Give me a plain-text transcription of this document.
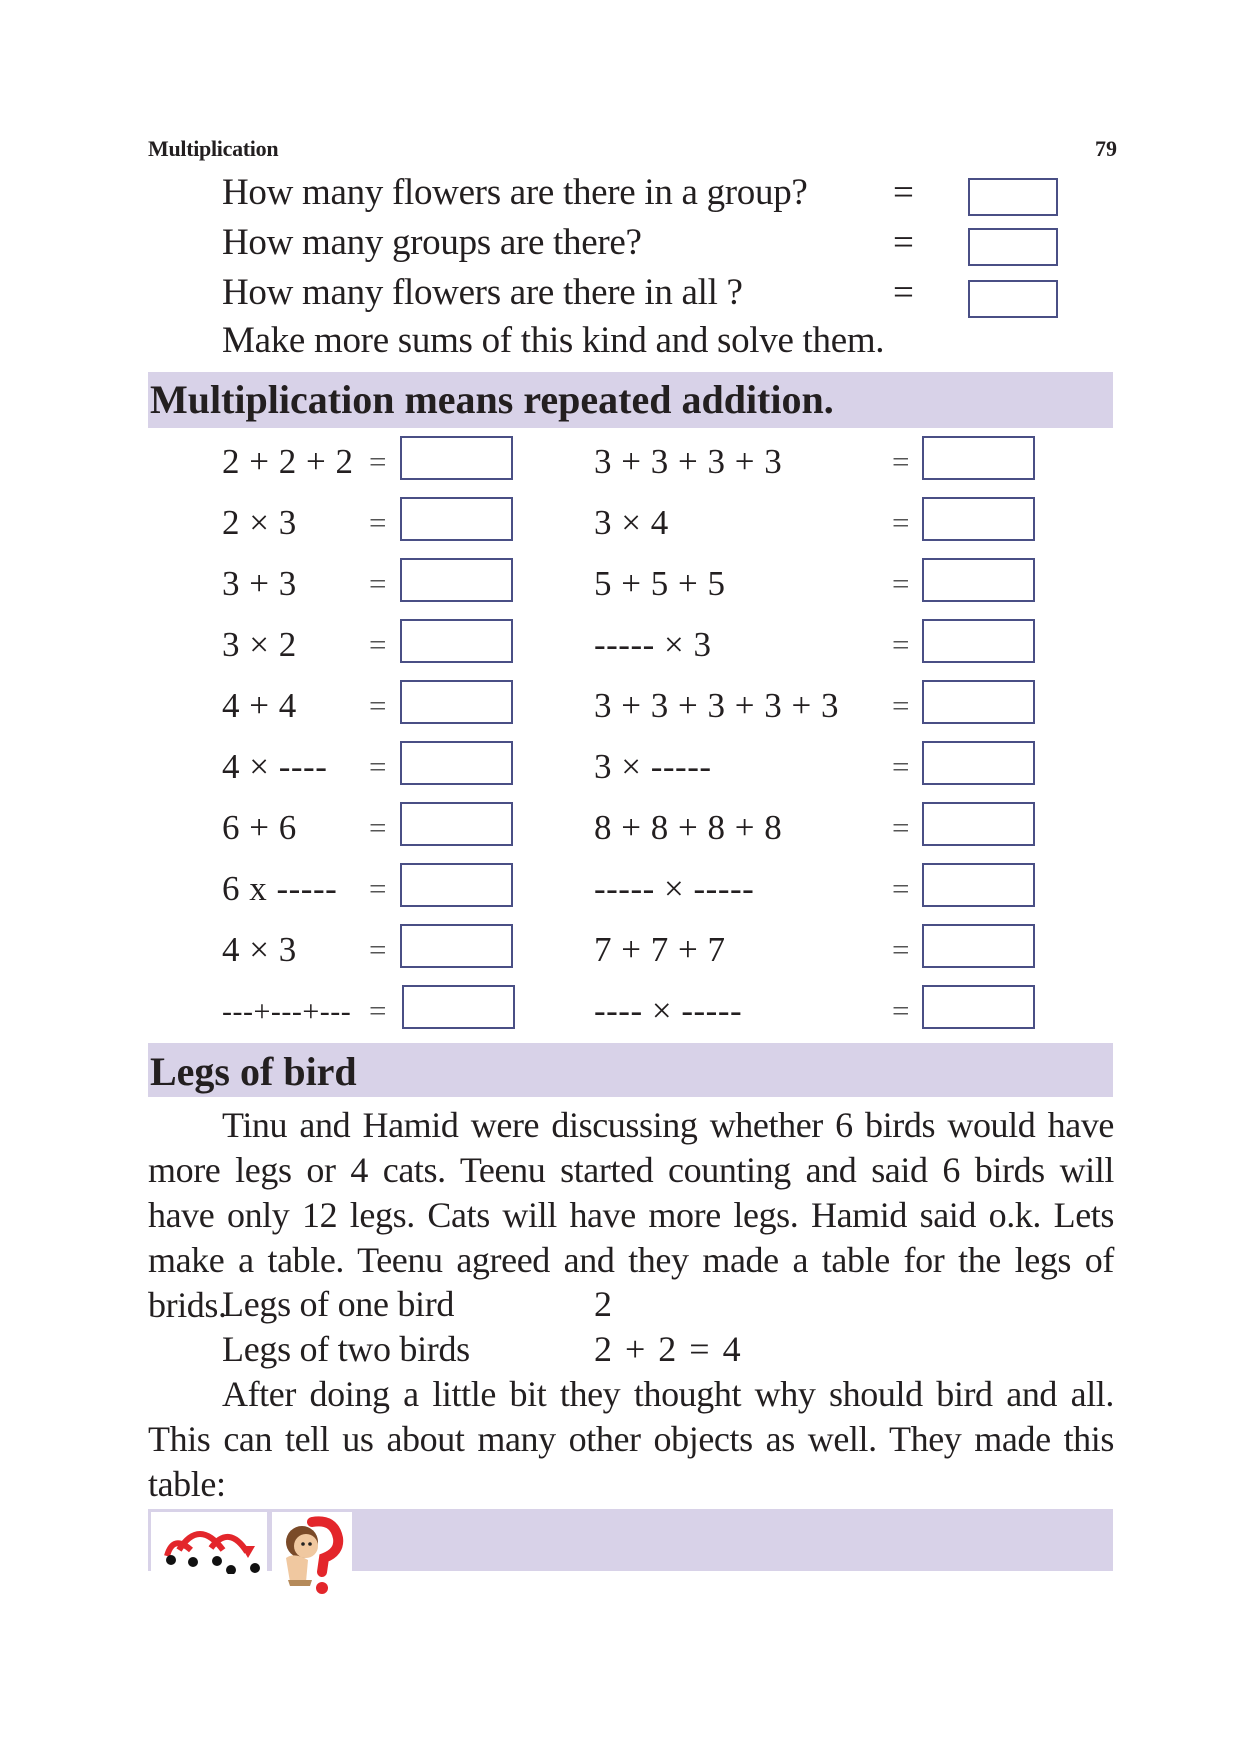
Multiplication	79
How many flowers are there in a group? =
How many groups are there?	=
How many flowers are there in all ?	=
Make more sums of this kind and solve them.
Multiplication means repeated addition.
2 + 2 + 2 =	3 + 3 + 3 + 3	=
2 × 3 =	3 × 4	=
3 + 3 =	5 + 5 + 5	=
3 × 2 =	----- × 3	=
4 + 4 =	3 + 3 + 3 + 3 + 3 =
4 × ---- =	3 × -----	=
6 + 6 =	8 + 8 + 8 + 8	=
6 x ----- =	----- × -----	=
4 × 3 =	7 + 7 + 7	=
---+---+--- =	---- × -----	=
Legs of bird

Tinu and Hamid were discussing whether 6 birds would have more legs or 4 cats. Teenu started counting and said 6 birds will have only 12 legs. Cats will have more legs. Hamid said o.k. Lets make a table. Teenu agreed and they made a table for the legs of brids.

Legs of one bird	2
Legs of two birds	2 + 2 = 4

After doing a little bit they thought why should bird and all. This can tell us about many other objects as well. They made this table:
